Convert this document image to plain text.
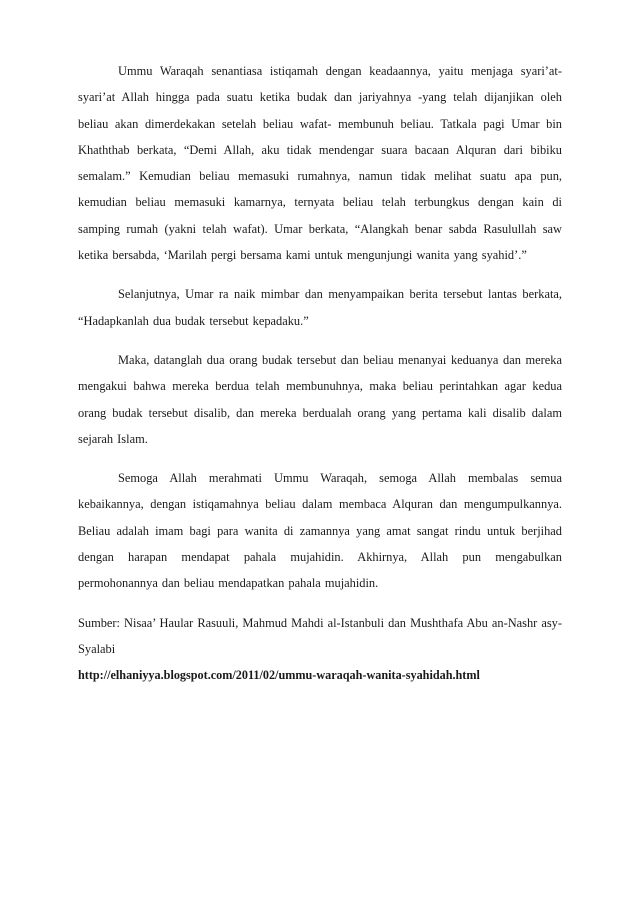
Ummu Waraqah senantiasa istiqamah dengan keadaannya, yaitu menjaga syari’at-syari’at Allah hingga pada suatu ketika budak dan jariyahnya -yang telah dijanjikan oleh beliau akan dimerdekakan setelah beliau wafat- membunuh beliau. Tatkala pagi Umar bin Khaththab berkata, “Demi Allah, aku tidak mendengar suara bacaan Alquran dari bibiku semalam.” Kemudian beliau memasuki rumahnya, namun tidak melihat suatu apa pun, kemudian beliau memasuki kamarnya, ternyata beliau telah terbungkus dengan kain di samping rumah (yakni telah wafat). Umar berkata, “Alangkah benar sabda Rasulullah saw ketika bersabda, ‘Marilah pergi bersama kami untuk mengunjungi wanita yang syahid’.”

Selanjutnya, Umar ra naik mimbar dan menyampaikan berita tersebut lantas berkata, “Hadapkanlah dua budak tersebut kepadaku.”

Maka, datanglah dua orang budak tersebut dan beliau menanyai keduanya dan mereka mengakui bahwa mereka berdua telah membunuhnya, maka beliau perintahkan agar kedua orang budak tersebut disalib, dan mereka berdualah orang yang pertama kali disalib dalam sejarah Islam.

Semoga Allah merahmati Ummu Waraqah, semoga Allah membalas semua kebaikannya, dengan istiqamahnya beliau dalam membaca Alquran dan mengumpulkannya. Beliau adalah imam bagi para wanita di zamannya yang amat sangat rindu untuk berjihad dengan harapan mendapat pahala mujahidin. Akhirnya, Allah pun mengabulkan permohonannya dan beliau mendapatkan pahala mujahidin.

Sumber: Nisaa’ Haular Rasuuli, Mahmud Mahdi al-Istanbuli dan Mushthafa Abu an-Nashr asy-Syalabi

http://elhaniyya.blogspot.com/2011/02/ummu-waraqah-wanita-syahidah.html
